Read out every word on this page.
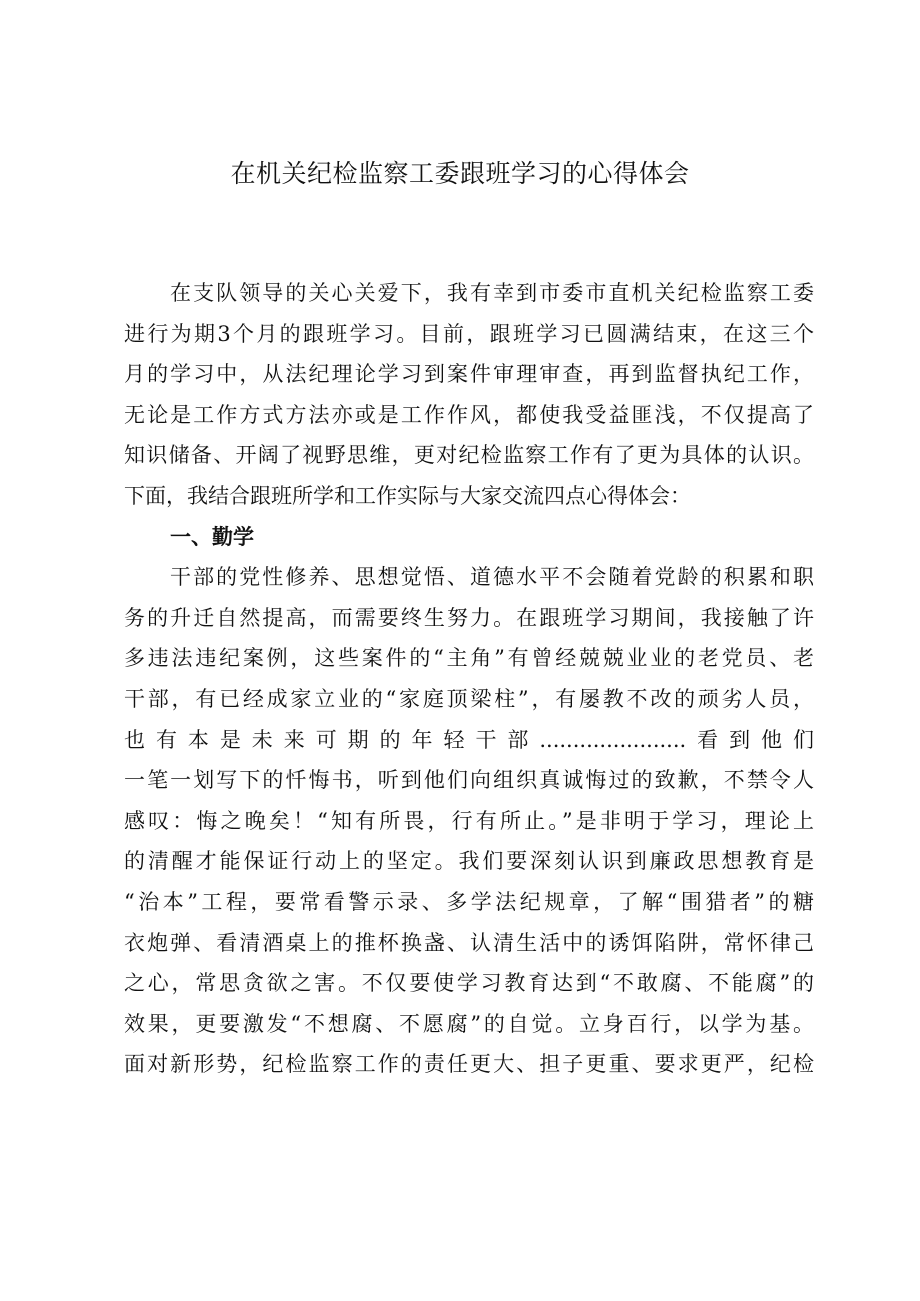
在机关纪检监察工委跟班学习的心得体会
在支队领导的关心关爱下，我有幸到市委市直机关纪检监察工委
进行为期3个月的跟班学习。目前，跟班学习已圆满结束，在这三个
月的学习中，从法纪理论学习到案件审理审查，再到监督执纪工作，
无论是工作方式方法亦或是工作作风，都使我受益匪浅，不仅提高了
知识储备、开阔了视野思维，更对纪检监察工作有了更为具体的认识。
下面，我结合跟班所学和工作实际与大家交流四点心得体会：
一、勤学
干部的党性修养、思想觉悟、道德水平不会随着党龄的积累和职
务的升迁自然提高，而需要终生努力。在跟班学习期间，我接触了许
多违法违纪案例，这些案件的“主角”有曾经兢兢业业的老党员、老
干部，有已经成家立业的“家庭顶梁柱”，有屡教不改的顽劣人员，
也有本是未来可期的年轻干部......................看到他们
一笔一划写下的忏悔书，听到他们向组织真诚悔过的致歉，不禁令人
感叹：悔之晚矣！“知有所畏，行有所止。”是非明于学习，理论上
的清醒才能保证行动上的坚定。我们要深刻认识到廉政思想教育是
“治本”工程，要常看警示录、多学法纪规章，了解“围猎者”的糖
衣炮弹、看清酒桌上的推杯换盏、认清生活中的诱饵陷阱，常怀律己
之心，常思贪欲之害。不仅要使学习教育达到“不敢腐、不能腐”的
效果，更要激发“不想腐、不愿腐”的自觉。立身百行，以学为基。
面对新形势，纪检监察工作的责任更大、担子更重、要求更严，纪检
